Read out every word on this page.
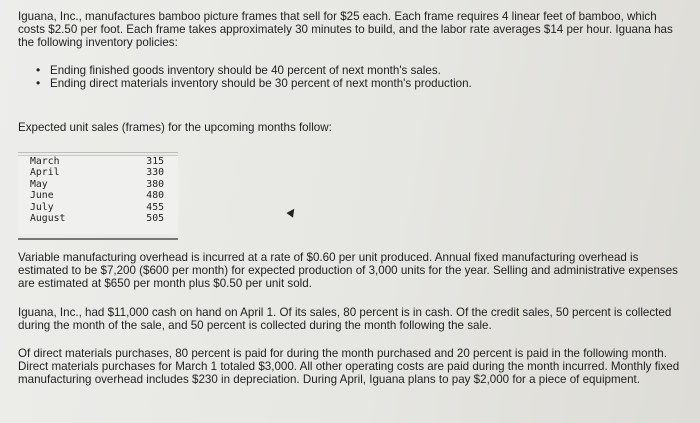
Iguana, Inc., manufactures bamboo picture frames that sell for $25 each. Each frame requires 4 linear feet of bamboo, which costs $2.50 per foot. Each frame takes approximately 30 minutes to build, and the labor rate averages $14 per hour. Iguana has the following inventory policies:

• Ending finished goods inventory should be 40 percent of next month's sales.
• Ending direct materials inventory should be 30 percent of next month's production.

Expected unit sales (frames) for the upcoming months follow:

March	315
April	330
May	380
June	480
July	455
August	505

Variable manufacturing overhead is incurred at a rate of $0.60 per unit produced. Annual fixed manufacturing overhead is estimated to be $7,200 ($600 per month) for expected production of 3,000 units for the year. Selling and administrative expenses are estimated at $650 per month plus $0.50 per unit sold.

Iguana, Inc., had $11,000 cash on hand on April 1. Of its sales, 80 percent is in cash. Of the credit sales, 50 percent is collected during the month of the sale, and 50 percent is collected during the month following the sale.

Of direct materials purchases, 80 percent is paid for during the month purchased and 20 percent is paid in the following month. Direct materials purchases for March 1 totaled $3,000. All other operating costs are paid during the month incurred. Monthly fixed manufacturing overhead includes $230 in depreciation. During April, Iguana plans to pay $2,000 for a piece of equipment.
